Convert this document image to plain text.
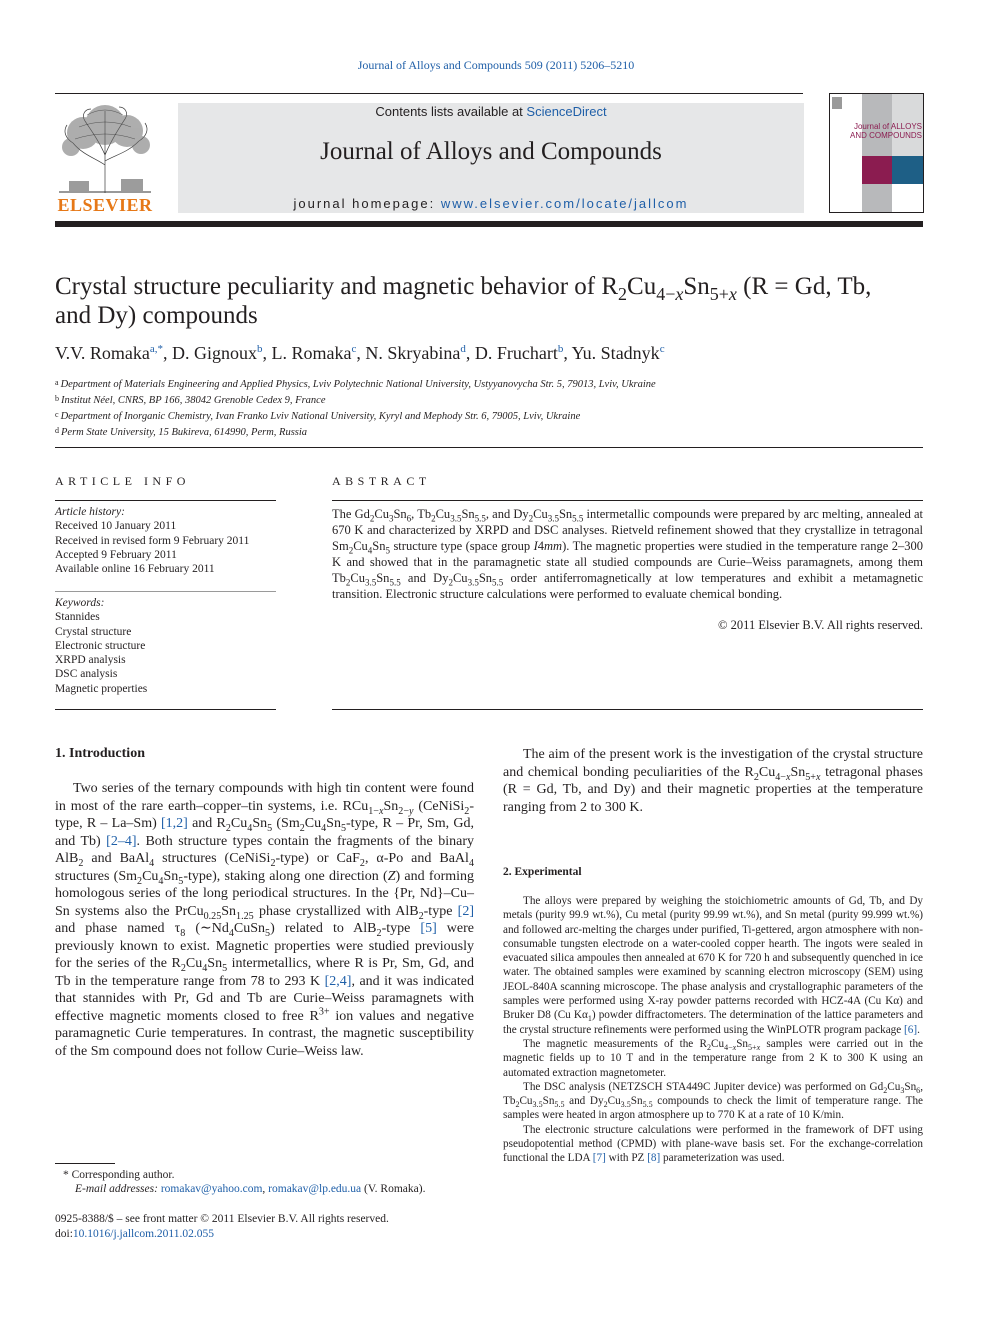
Journal of Alloys and Compounds 509 (2011) 5206–5210
ELSEVIER
Contents lists available at ScienceDirect
Journal of Alloys and Compounds
journal homepage: www.elsevier.com/locate/jallcom
Journal of ALLOYS AND COMPOUNDS
Crystal structure peculiarity and magnetic behavior of $R_2Cu_{4-x}Sn_{5+x}$ (R = Gd, Tb,
and Dy) compounds
V.V. Romaka$^{a,*}$, D. Gignoux$^b$, L. Romaka$^c$, N. Skryabina$^d$, D. Fruchart$^b$, Yu. Stadnyk$^c$
a Department of Materials Engineering and Applied Physics, Lviv Polytechnic National University, Ustyyanovycha Str. 5, 79013, Lviv, Ukraine
b Institut Néel, CNRS, BP 166, 38042 Grenoble Cedex 9, France
c Department of Inorganic Chemistry, Ivan Franko Lviv National University, Kyryl and Mephody Str. 6, 79005, Lviv, Ukraine
d Perm State University, 15 Bukireva, 614990, Perm, Russia
ARTICLE INFO	ABSTRACT
Article history:
Received 10 January 2011
Received in revised form 9 February 2011
Accepted 9 February 2011
Available online 16 February 2011
Keywords:
Stannides
Crystal structure
Electronic structure
XRPD analysis
DSC analysis
Magnetic properties
The $Gd_2Cu_3Sn_6$, $Tb_2Cu_{3.5}Sn_{5.5}$, and $Dy_2Cu_{3.5}Sn_{5.5}$ intermetallic compounds were prepared by arc melting, annealed at 670 K and characterized by XRPD and DSC analyses. Rietveld refinement showed that they crystallize in tetragonal $Sm_2Cu_4Sn_5$ structure type (space group I4mm). The magnetic properties were studied in the temperature range 2–300 K and showed that in the paramagnetic state all studied compounds are Curie–Weiss paramagnets, among them $Tb_2Cu_{3.5}Sn_{5.5}$ and $Dy_2Cu_{3.5}Sn_{5.5}$ order antiferromagnetically at low temperatures and exhibit a metamagnetic transition. Electronic structure calculations were performed to evaluate chemical bonding.
© 2011 Elsevier B.V. All rights reserved.
1. Introduction

Two series of the ternary compounds with high tin content were found in most of the rare earth–copper–tin systems, i.e. $RCu_{1-x}Sn_{2-y}$ (CeNiSi$_2$-type, R – La–Sm) [1,2] and $R_2Cu_4Sn_5$ ($Sm_2Cu_4Sn_5$-type, R – Pr, Sm, Gd, and Tb) [2–4]. Both structure types contain the fragments of the binary AlB$_2$ and BaAl$_4$ structures (CeNiSi$_2$-type) or CaF$_2$, α-Po and BaAl$_4$ structures $(Sm_2Cu_4Sn_5-type)$, staking along one direction (Z) and forming homologous series of the long periodical structures. In the {Pr, Nd}–Cu–Sn systems also the $PrCu_{0.25}Sn_{1.25}$ phase crystallized with AlB$_2$-type [2] and phase named $\tau_8$ $(\sim Nd_4CuSn_5)$ related to AlB$_2$-type [5] were previously known to exist. Magnetic properties were studied previously for the series of the $R_2Cu_4Sn_5$ intermetallics, where R is Pr, Sm, Gd, and Tb in the temperature range from 78 to 293 K [2,4], and it was indicated that stannides with Pr, Gd and Tb are Curie–Weiss paramagnets with effective magnetic moments closed to free $R^{3+}$ ion values and negative paramagnetic Curie temperatures. In contrast, the magnetic susceptibility of the Sm compound does not follow Curie–Weiss law.

* Corresponding author.
E-mail addresses: romakav@yahoo.com, romakav@lp.edu.ua (V. Romaka).
0925-8388/$ – see front matter © 2011 Elsevier B.V. All rights reserved.
doi:10.1016/j.jallcom.2011.02.055

The aim of the present work is the investigation of the crystal structure and chemical bonding peculiarities of the $R_2Cu_{4-x}Sn_{5+x}$ tetragonal phases (R = Gd, Tb, and Dy) and their magnetic properties at the temperature ranging from 2 to 300 K.

2. Experimental

The alloys were prepared by weighing the stoichiometric amounts of Gd, Tb, and Dy metals (purity 99.9 wt.%), Cu metal (purity 99.99 wt.%), and Sn metal (purity 99.999 wt.%) and followed arc-melting the charges under purified, Ti-gettered, argon atmosphere with non-consumable tungsten electrode on a water-cooled copper hearth. The ingots were sealed in evacuated silica ampoules then annealed at 670 K for 720 h and subsequently quenched in ice water. The obtained samples were examined by scanning electron microscopy (SEM) using JEOL-840A scanning microscope. The phase analysis and crystallographic parameters of the samples were performed using X-ray powder patterns recorded with HCZ-4A (Cu Kα) and Bruker D8 (Cu $K\alpha_1$) powder diffractometers. The determination of the lattice parameters and the crystal structure refinements were performed using the WinPLOTR program package [6].

The magnetic measurements of the $R_2Cu_{4-x}Sn_{5+x}$ samples were carried out in the magnetic fields up to 10 T and in the temperature range from 2 K to 300 K using an automated extraction magnetometer.

The DSC analysis (NETZSCH STA449C Jupiter device) was performed on $Gd_2Cu_3Sn_6$, $Tb_2Cu_{3.5}Sn_{5.5}$ and $Dy_2Cu_{3.5}Sn_{5.5}$ compounds to check the limit of temperature range. The samples were heated in argon atmosphere up to 770 K at a rate of 10 K/min.

The electronic structure calculations were performed in the framework of DFT using pseudopotential method (CPMD) with plane-wave basis set. For the exchange-correlation functional the LDA [7] with PZ [8] parameterization was used.
